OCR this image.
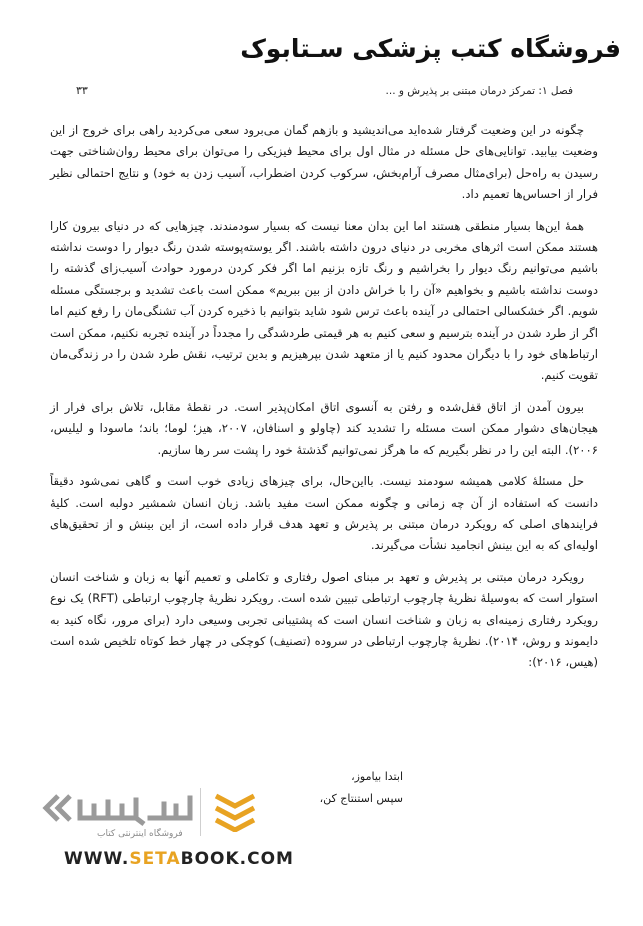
فروشگاه کتب پزشکی سـتابوک
فصل ۱: تمرکز درمان مبتنی بر پذیرش و ...
۳۳

چگونه در این وضعیت گرفتار شده‌اید می‌اندیشید و بازهم گمان می‌برود سعی می‌کردید راهی برای خروج از این وضعیت بیابید. توانایی‌های حل مسئله در مثال اول برای محیط فیزیکی را می‌توان برای محیط روان‌شناختی جهت رسیدن به راه‌حل (برای‌مثال مصرف آرام‌بخش، سرکوب کردن اضطراب، آسیب زدن به خود) و نتایج احتمالی نظیر فرار از احساس‌ها تعمیم داد.

همهٔ این‌ها بسیار منطقی هستند اما این بدان معنا نیست که بسیار سودمندند. چیزهایی که در دنیای بیرون کارا هستند ممکن است اثرهای مخربی در دنیای درون داشته باشند. اگر یوسته‌پوسته شدن رنگ دیوار را دوست نداشته باشیم می‌توانیم رنگ دیوار را بخراشیم و رنگ تازه بزنیم اما اگر فکر کردن درمورد حوادث آسیب‌زای گذشته را دوست نداشته باشیم و بخواهیم «آن را با خراش دادن از بین ببریم» ممکن است باعث تشدید و برجستگی مسئله شویم. اگر خشکسالی احتمالی در آینده باعث ترس شود شاید بتوانیم با ذخیره کردن آب تشنگی‌مان را رفع کنیم اما اگر از طرد شدن در آینده بترسیم و سعی کنیم به هر قیمتی طردشدگی را مجدداً در آینده تجربه نکنیم، ممکن است ارتباط‌های خود را با دیگران محدود کنیم یا از متعهد شدن بپرهیزیم و بدین ترتیب، نقش طرد شدن را در زندگی‌مان تقویت کنیم.

بیرون آمدن از اتاق قفل‌شده و رفتن به آنسوی اتاق امکان‌پذیر است. در نقطهٔ مقابل، تلاش برای فرار از هیجان‌های دشوار ممکن است مسئله را تشدید کند (چاولو و اسنافان، ۲۰۰۷، هیز؛ لوما؛ باند؛ ماسودا و لیلیس، ۲۰۰۶). البته این را در نظر بگیریم که ما هرگز نمی‌توانیم گذشتهٔ خود را پشت سر رها سازیم.

حل مسئلهٔ کلامی همیشه سودمند نیست. بااین‌حال، برای چیزهای زیادی خوب است و گاهی نمی‌شود دقیقاً دانست که استفاده از آن چه زمانی و چگونه ممکن است مفید باشد. زبان انسان شمشیر دولبه است. کلیهٔ فرایندهای اصلی که رویکرد درمان مبتنی بر پذیرش و تعهد هدف قرار داده است، از این بینش و از تحقیق‌های اولیه‌ای که به این بینش انجامید نشأت می‌گیرند.

رویکرد درمان مبتنی بر پذیرش و تعهد بر مبنای اصول رفتاری و تکاملی و تعمیم آنها به زبان و شناخت انسان استوار است که به‌وسیلهٔ نظریهٔ چارچوب ارتباطی تبیین شده است. رویکرد نظریهٔ چارچوب ارتباطی (RFT) یک نوع رویکرد رفتاری زمینه‌ای به زبان و شناخت انسان است که پشتیبانی تجربی وسیعی دارد (برای مرور، نگاه کنید به دایموند و روش، ۲۰۱۴). نظریهٔ چارچوب ارتباطی در سروده (تصنیف) کوچکی در چهار خط کوتاه تلخیص شده است (هیس، ۲۰۱۶):

ابتدا بیاموز،
سپس استنتاج کن،
فروشگاه اینترنتی کتاب
WWW.SETABOOK.COM
